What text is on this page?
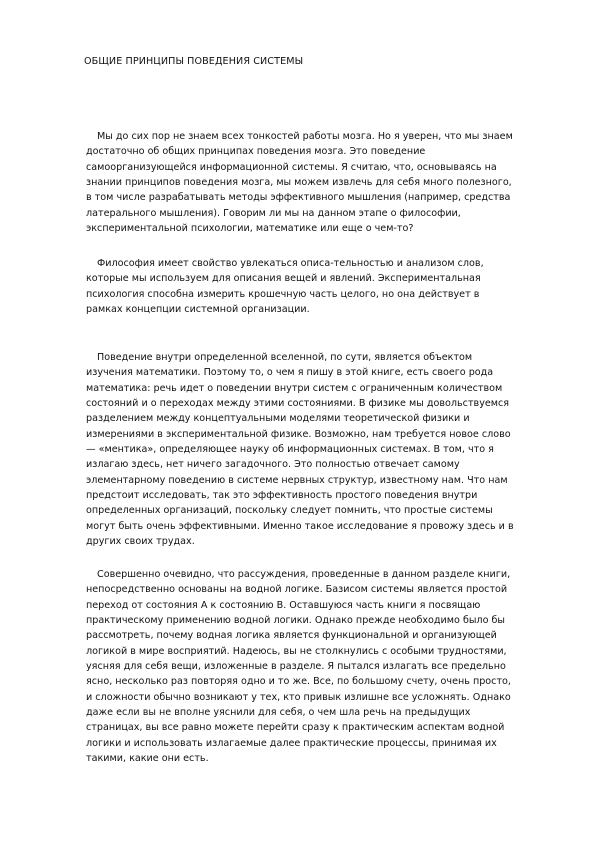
ОБЩИЕ ПРИНЦИПЫ ПОВЕДЕНИЯ СИСТЕМЫ

Мы до сих пор не знаем всех тонкостей работы мозга. Но я уверен, что мы знаем достаточно об общих принципах поведения мозга. Это поведение самоорганизующейся информационной системы. Я считаю, что, основываясь на знании принципов поведения мозга, мы можем извлечь для себя много полезного, в том числе разрабатывать методы эффективного мышления (например, средства латерального мышления). Говорим ли мы на данном этапе о философии, экспериментальной психологии, математике или еще о чем-то?

Философия имеет свойство увлекаться описа-тельностью и анализом слов, которые мы используем для описания вещей и явлений. Экспериментальная психология способна измерить крошечную часть целого, но она действует в рамках концепции системной организации.

Поведение внутри определенной вселенной, по сути, является объектом изучения математики. Поэтому то, о чем я пишу в этой книге, есть своего рода математика: речь идет о поведении внутри систем с ограниченным количеством состояний и о переходах между этими состояниями. В физике мы довольствуемся разделением между концептуальными моделями теоретической физики и измерениями в экспериментальной физике. Возможно, нам требуется новое слово — «ментика», определяющее науку об информационных системах. В том, что я излагаю здесь, нет ничего загадочного. Это полностью отвечает самому элементарному поведению в системе нервных структур, известному нам. Что нам предстоит исследовать, так это эффективность простого поведения внутри определенных организаций, поскольку следует помнить, что простые системы могут быть очень эффективными. Именно такое исследование я провожу здесь и в других своих трудах.

Совершенно очевидно, что рассуждения, проведенные в данном разделе книги, непосредственно основаны на водной логике. Базисом системы является простой переход от состояния А к состоянию В. Оставшуюся часть книги я посвящаю практическому применению водной логики. Однако прежде необходимо было бы рассмотреть, почему водная логика является функциональной и организующей логикой в мире восприятий. Надеюсь, вы не столкнулись с особыми трудностями, уясняя для себя вещи, изложенные в разделе. Я пытался излагать все предельно ясно, несколько раз повторяя одно и то же. Все, по большому счету, очень просто, и сложности обычно возникают у тех, кто привык излишне все усложнять. Однако даже если вы не вполне уяснили для себя, о чем шла речь на предыдущих страницах, вы все равно можете перейти сразу к практическим аспектам водной логики и использовать излагаемые далее практические процессы, принимая их такими, какие они есть.
